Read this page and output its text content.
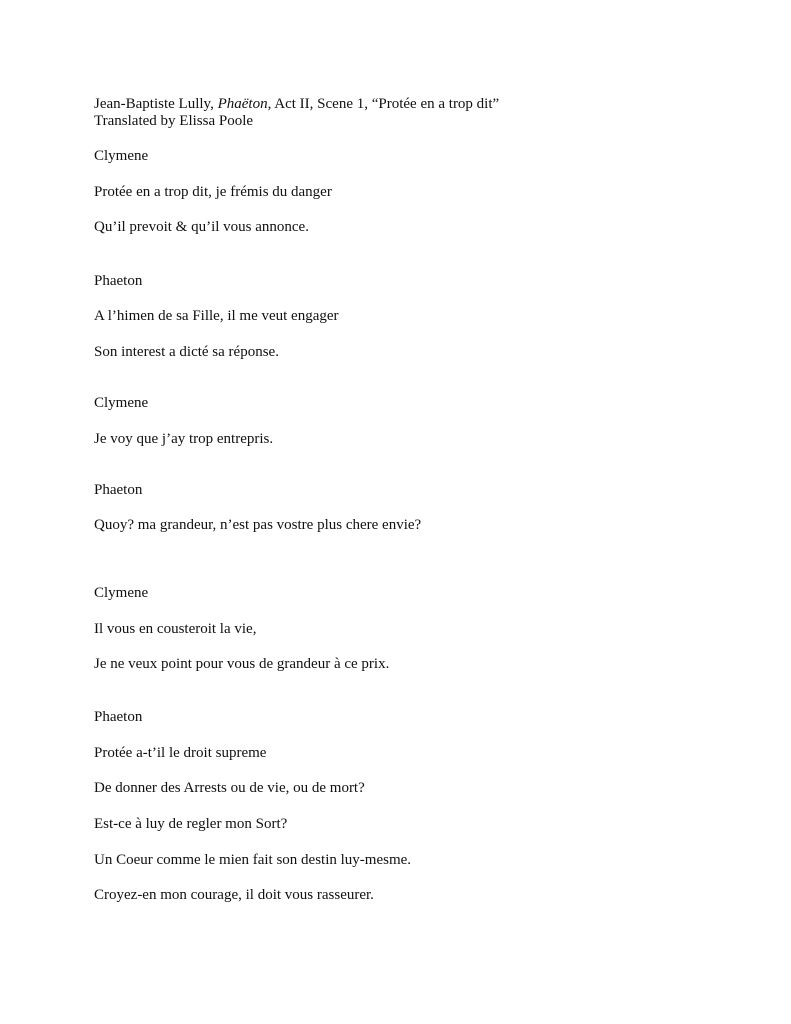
Jean-Baptiste Lully, Phaëton, Act II, Scene 1, “Protée en a trop dit”
Translated by Elissa Poole
Clymene
Protée en a trop dit, je frémis du danger
Qu’il prevoit & qu’il vous annonce.
Phaeton
A l’himen de sa Fille, il me veut engager
Son interest a dicté sa réponse.
Clymene
Je voy que j’ay trop entrepris.
Phaeton
Quoy? ma grandeur, n’est pas vostre plus chere envie?
Clymene
Il vous en cousteroit la vie,
Je ne veux point pour vous de grandeur à ce prix.
Phaeton
Protée a-t’il le droit supreme
De donner des Arrests ou de vie, ou de mort?
Est-ce à luy de regler mon Sort?
Un Coeur comme le mien fait son destin luy-mesme.
Croyez-en mon courage, il doit vous rasseurer.
